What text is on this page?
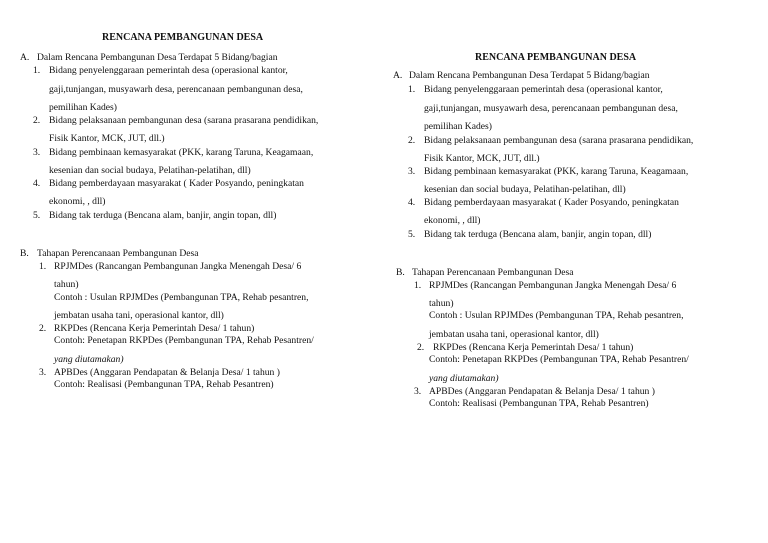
RENCANA PEMBANGUNAN DESA
A. Dalam Rencana Pembangunan Desa Terdapat 5 Bidang/bagian
1. Bidang penyelenggaraan pemerintah desa (operasional kantor,
gaji,tunjangan, musyawarh desa, perencanaan pembangunan desa,
pemilihan Kades)
2. Bidang pelaksanaan pembangunan desa (sarana prasarana pendidikan,
Fisik Kantor, MCK, JUT, dll.)
3. Bidang pembinaan kemasyarakat (PKK, karang Taruna, Keagamaan,
kesenian dan social budaya, Pelatihan-pelatihan, dll)
4. Bidang pemberdayaan masyarakat ( Kader Posyando, peningkatan
ekonomi, , dll)
5. Bidang tak terduga (Bencana alam, banjir, angin topan, dll)
B. Tahapan Perencanaan Pembangunan Desa
1. RPJMDes (Rancangan Pembangunan Jangka Menengah Desa/ 6
tahun)
Contoh : Usulan RPJMDes (Pembangunan TPA, Rehab pesantren,
jembatan usaha tani, operasional kantor, dll)
2. RKPDes (Rencana Kerja Pemerintah Desa/ 1 tahun)
Contoh: Penetapan RKPDes (Pembangunan TPA, Rehab Pesantren/
yang diutamakan)
3. APBDes (Anggaran Pendapatan & Belanja Desa/ 1 tahun )
Contoh: Realisasi (Pembangunan TPA, Rehab Pesantren)
RENCANA PEMBANGUNAN DESA
A. Dalam Rencana Pembangunan Desa Terdapat 5 Bidang/bagian
1. Bidang penyelenggaraan pemerintah desa (operasional kantor,
gaji,tunjangan, musyawarh desa, perencanaan pembangunan desa,
pemilihan Kades)
2. Bidang pelaksanaan pembangunan desa (sarana prasarana pendidikan,
Fisik Kantor, MCK, JUT, dll.)
3. Bidang pembinaan kemasyarakat (PKK, karang Taruna, Keagamaan,
kesenian dan social budaya, Pelatihan-pelatihan, dll)
4. Bidang pemberdayaan masyarakat ( Kader Posyando, peningkatan
ekonomi, , dll)
5. Bidang tak terduga (Bencana alam, banjir, angin topan, dll)
B. Tahapan Perencanaan Pembangunan Desa
1. RPJMDes (Rancangan Pembangunan Jangka Menengah Desa/ 6
tahun)
Contoh : Usulan RPJMDes (Pembangunan TPA, Rehab pesantren,
jembatan usaha tani, operasional kantor, dll)
2. RKPDes (Rencana Kerja Pemerintah Desa/ 1 tahun)
Contoh: Penetapan RKPDes (Pembangunan TPA, Rehab Pesantren/
yang diutamakan)
3. APBDes (Anggaran Pendapatan & Belanja Desa/ 1 tahun )
Contoh: Realisasi (Pembangunan TPA, Rehab Pesantren)
